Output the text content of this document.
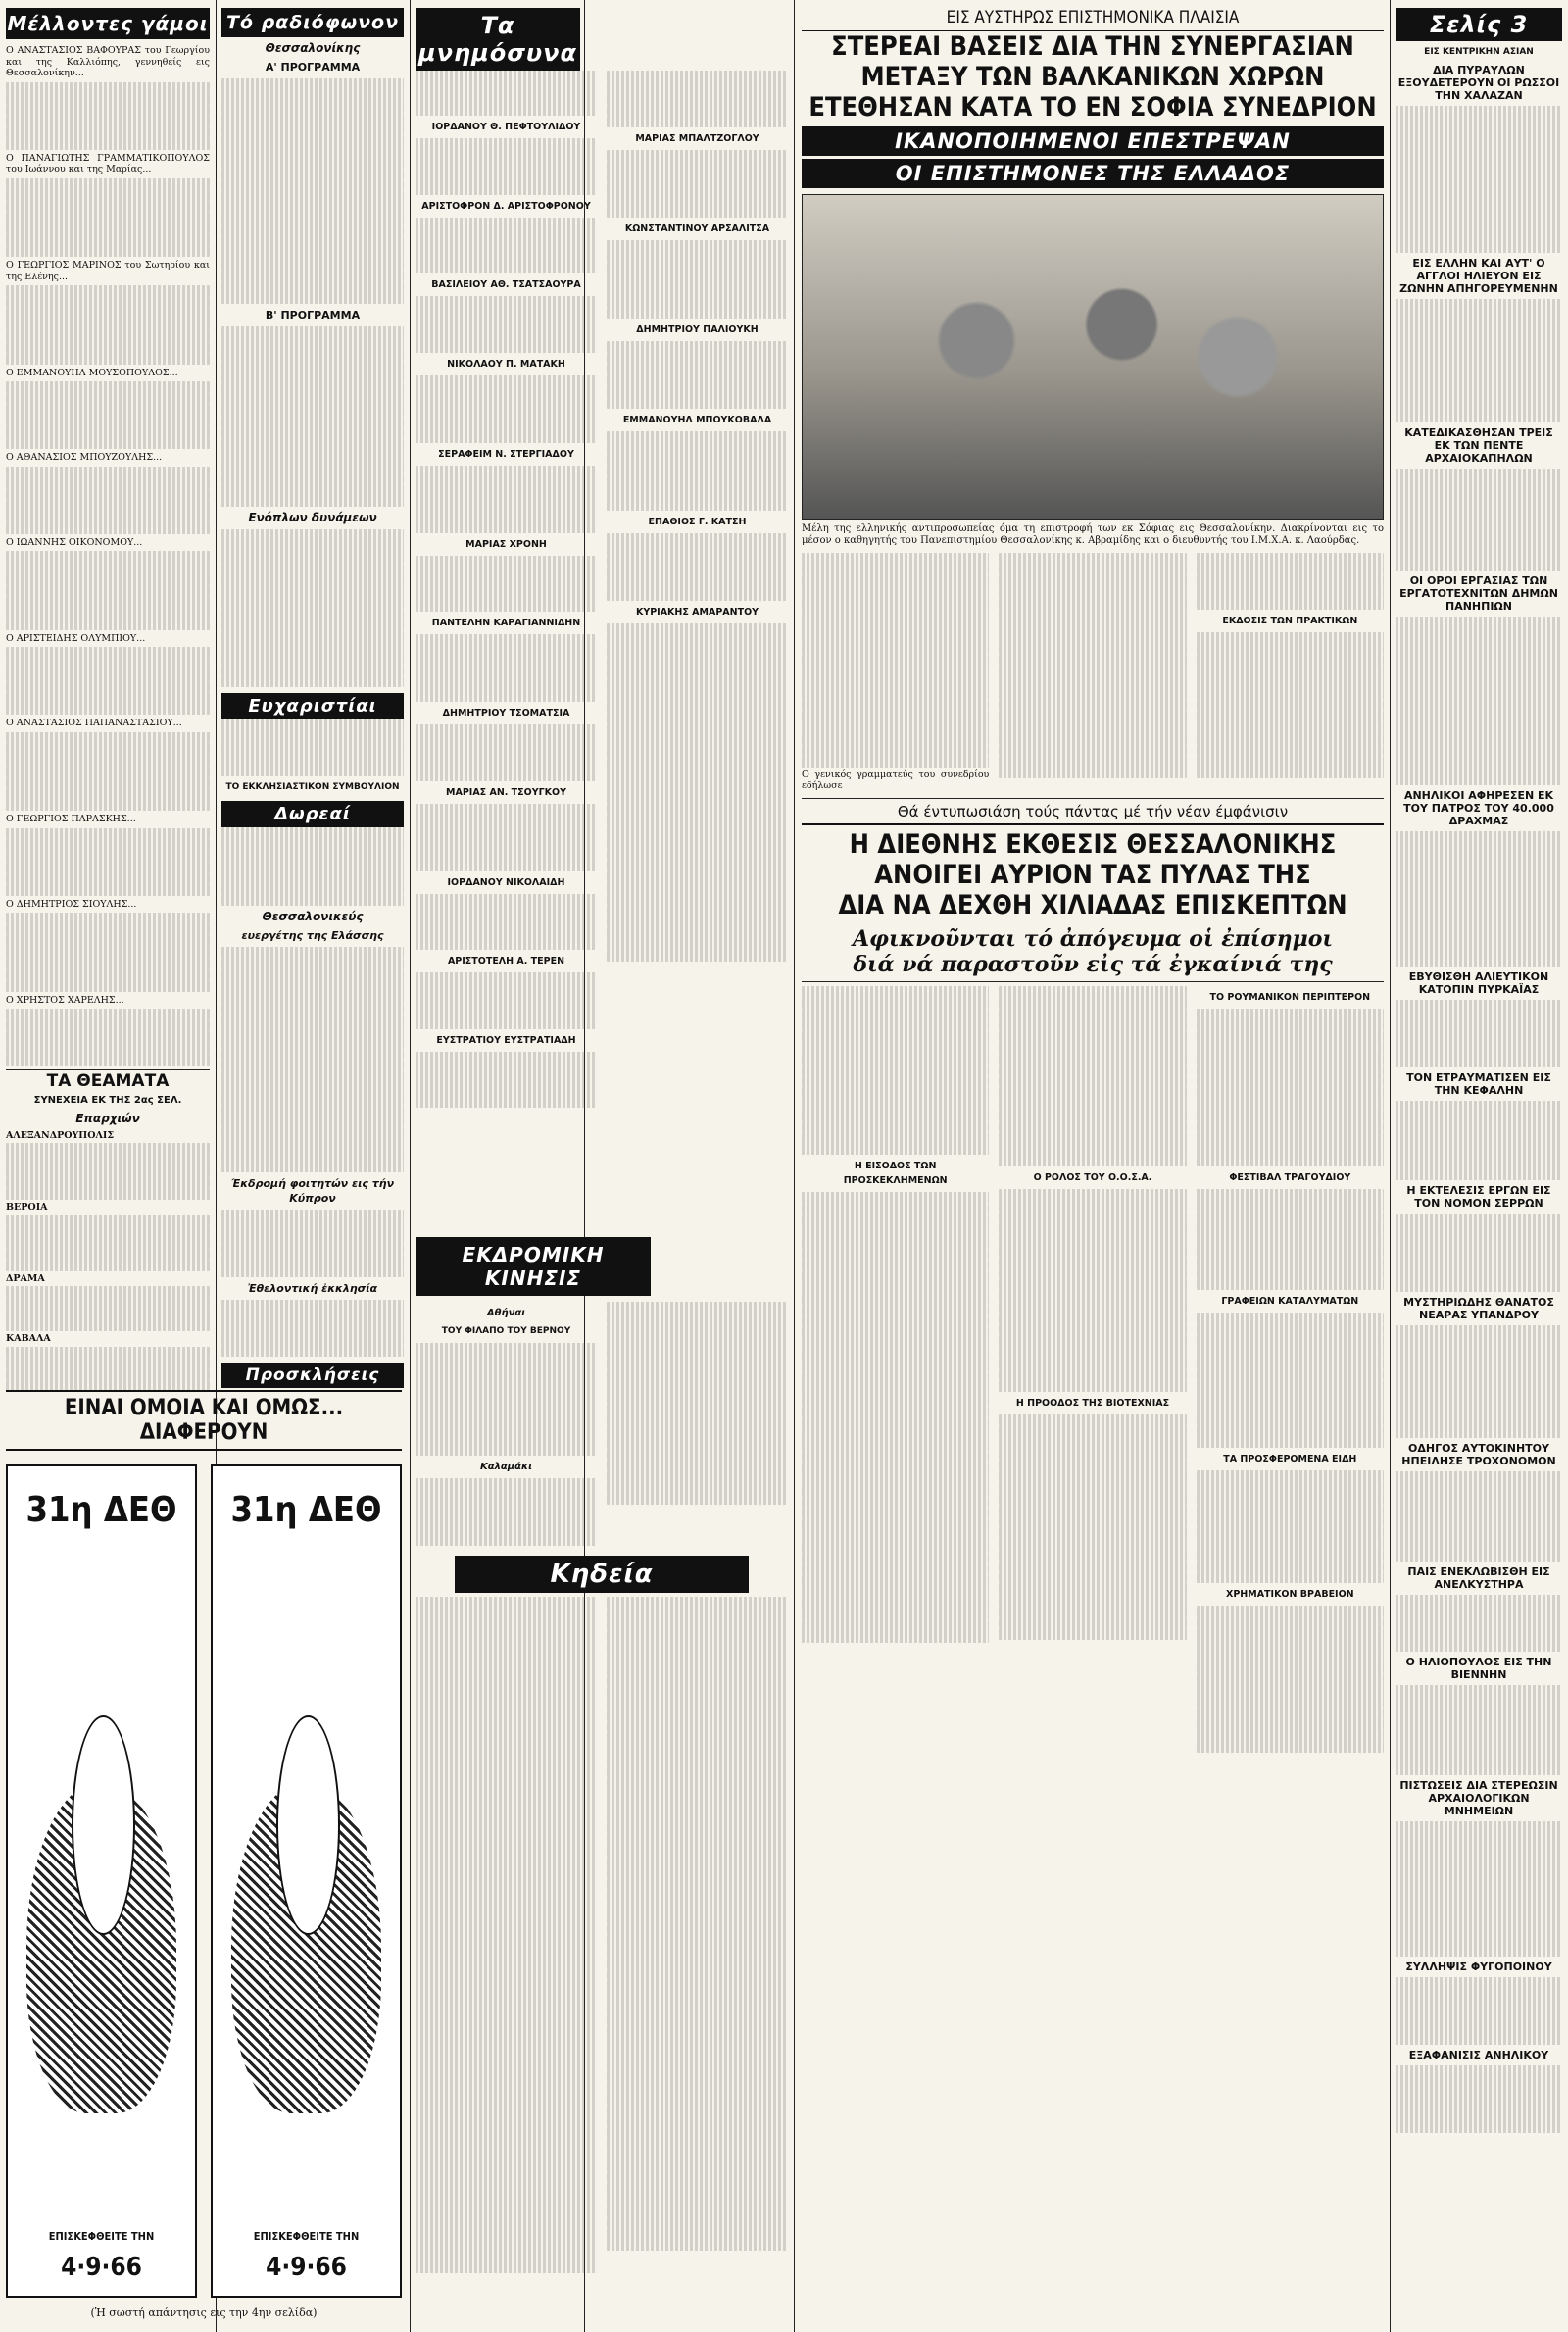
Μέλλοντες γάμοι

Ο ΑΝΑΣΤΑΣΙΟΣ ΒΑΦΟΥΡΑΣ του Γεωργίου και της Καλλιόπης, γεννηθείς εις Θεσσαλονίκην...

Ο ΠΑΝΑΓΙΩΤΗΣ ΓΡΑΜΜΑΤΙΚΟΠΟΥΛΟΣ του Ιωάννου και της Μαρίας...

Ο ΓΕΩΡΓΙΟΣ ΜΑΡΙΝΟΣ του Σωτηρίου και της Ελένης...

Ο ΕΜΜΑΝΟΥΗΛ ΜΟΥΣΟΠΟΥΛΟΣ...

Ο ΑΘΑΝΑΣΙΟΣ ΜΠΟΥΖΟΥΛΗΣ...

Ο ΙΩΑΝΝΗΣ ΟΙΚΟΝΟΜΟΥ...

Ο ΑΡΙΣΤΕΙΔΗΣ ΟΛΥΜΠΙΟΥ...

Ο ΑΝΑΣΤΑΣΙΟΣ ΠΑΠΑΝΑΣΤΑΣΙΟΥ...

Ο ΓΕΩΡΓΙΟΣ ΠΑΡΑΣΚΗΣ...

Ο ΔΗΜΗΤΡΙΟΣ ΣΙΟΥΛΗΣ...

Ο ΧΡΗΣΤΟΣ ΧΑΡΕΛΗΣ...

ΤΑ ΘΕΑΜΑΤΑ
ΣΥΝΕΧΕΙΑ ΕΚ ΤΗΣ 2ας ΣΕΛ.
Επαρχιών

ΑΛΕΞΑΝΔΡΟΥΠΟΛΙΣ

ΒΕΡΟΙΑ

ΔΡΑΜΑ

ΚΑΒΑΛΑ

Τό ραδιόφωνον
Θεσσαλονίκης
Α' ΠΡΟΓΡΑΜΜΑ
Β' ΠΡΟΓΡΑΜΜΑ
Ενόπλων δυνάμεων
Ευχαριστίαι
ΤΟ ΕΚΚΛΗΣΙΑΣΤΙΚΟΝ ΣΥΜΒΟΥΛΙΟΝ
Δωρεαί
Θεσσαλονικεύς
ευεργέτης της Ελάσσης
Έκδρομή φοιτητών εις τήν Κύπρον
Ἐθελοντική ἐκκλησία
Προσκλήσεις
ΕΙΝΑΙ ΟΜΟΙΑ ΚΑΙ ΟΜΩΣ... ΔΙΑΦΕΡΟΥΝ
31η ΔΕΘ
ΕΠΙΣΚΕΦΘΕΙΤΕ ΤΗΝ
4·9·66
31η ΔΕΘ
ΕΠΙΣΚΕΦΘΕΙΤΕ ΤΗΝ
4·9·66
(Ἡ σωστή απάντησις εις την 4ην σελίδα)
Τα μνημόσυνα

ΙΟΡΔΑΝΟΥ Θ. ΠΕΦΤΟΥΛΙΔΟΥ

ΑΡΙΣΤΟΦΡΟΝ Δ. ΑΡΙΣΤΟΦΡΟΝΟΥ

ΒΑΣΙΛΕΙΟΥ ΑΘ. ΤΣΑΤΣΑΟΥΡΑ

ΝΙΚΟΛΑΟΥ Π. ΜΑΤΑΚΗ

ΣΕΡΑΦΕΙΜ Ν. ΣΤΕΡΓΙΑΔΟΥ

ΜΑΡΙΑΣ ΧΡΟΝΗ

ΠΑΝΤΕΛΗΝ ΚΑΡΑΓΙΑΝΝΙΔΗΝ

ΔΗΜΗΤΡΙΟΥ ΤΣΟΜΑΤΣΙΑ

ΜΑΡΙΑΣ ΑΝ. ΤΣΟΥΓΚΟΥ

ΙΟΡΔΑΝΟΥ ΝΙΚΟΛΑΙΔΗ

ΑΡΙΣΤΟΤΕΛΗ Α. ΤΕΡΕΝ

ΕΥΣΤΡΑΤΙΟΥ ΕΥΣΤΡΑΤΙΑΔΗ

ΜΑΡΙΑΣ ΜΠΑΛΤΖΟΓΛΟΥ

ΚΩΝΣΤΑΝΤΙΝΟΥ ΑΡΣΑΛΙΤΣΑ

ΔΗΜΗΤΡΙΟΥ ΠΑΛΙΟΥΚΗ

ΕΜΜΑΝΟΥΗΛ ΜΠΟΥΚΟΒΑΛΑ

ΕΠΑΘΙΟΣ Γ. ΚΑΤΣΗ

ΚΥΡΙΑΚΗΣ ΑΜΑΡΑΝΤΟΥ

ΕΚΔΡΟΜΙΚΗ ΚΙΝΗΣΙΣ

Αθήναι

ΤΟΥ ΦΙΛΑΠΟ ΤΟΥ ΒΕΡΝΟΥ

Καλαμάκι

Κηδεία
ΕΙΣ ΑΥΣΤΗΡΩΣ ΕΠΙΣΤΗΜΟΝΙΚΑ ΠΛΑΙΣΙΑ
ΣΤΕΡΕΑΙ ΒΑΣΕΙΣ ΔΙΑ ΤΗΝ ΣΥΝΕΡΓΑΣΙΑΝ
ΜΕΤΑΞΥ ΤΩΝ ΒΑΛΚΑΝΙΚΩΝ ΧΩΡΩΝ
ΕΤΕΘΗΣΑΝ ΚΑΤΑ ΤΟ ΕΝ ΣΟΦΙΑ ΣΥΝΕΔΡΙΟΝ
ΙΚΑΝΟΠΟΙΗΜΕΝΟΙ ΕΠΕΣΤΡΕΨΑΝ
ΟΙ ΕΠΙΣΤΗΜΟΝΕΣ ΤΗΣ ΕΛΛΑΔΟΣ
Μέλη της ελληνικής αντιπροσωπείας όμα τη επιστροφή των εκ Σόφιας εις Θεσσαλονίκην. Διακρίνονται εις το μέσον ο καθηγητής του Πανεπιστημίου Θεσσαλονίκης κ. Αβραμίδης και ο διευθυντής του Ι.Μ.Χ.Α. κ. Λαούρδας.

Ο γενικός γραμματεύς του συνεδρίου εδήλωσε

ΕΚΔΟΣΙΣ ΤΩΝ ΠΡΑΚΤΙΚΩΝ

Θά έντυπωσιάση τούς πάντας μέ τήν νέαν έμφάνισιν
Η ΔΙΕΘΝΗΣ ΕΚΘΕΣΙΣ ΘΕΣΣΑΛΟΝΙΚΗΣ
ΑΝΟΙΓΕΙ ΑΥΡΙΟΝ ΤΑΣ ΠΥΛΑΣ ΤΗΣ
ΔΙΑ ΝΑ ΔΕΧΘΗ ΧΙΛΙΑΔΑΣ ΕΠΙΣΚΕΠΤΩΝ
Αφικνοῦνται τό ἀπόγευμα οἱ ἐπίσημοι
διά νά παραστοῦν εἰς τά ἐγκαίνιά της

Η ΕΙΣΟΔΟΣ ΤΩΝ ΠΡΟΣΚΕΚΛΗΜΕΝΩΝ	Ο ΡΟΛΟΣ ΤΟΥ Ο.Ο.Σ.Α.

Η ΠΡΟΟΔΟΣ ΤΗΣ ΒΙΟΤΕΧΝΙΑΣ

ΤΟ ΡΟΥΜΑΝΙΚΟΝ ΠΕΡΙΠΤΕΡΟΝ

ΦΕΣΤΙΒΑΛ ΤΡΑΓΟΥΔΙΟΥ

ΓΡΑΦΕΙΩΝ ΚΑΤΑΛΥΜΑΤΩΝ

ΤΑ ΠΡΟΣΦΕΡΟΜΕΝΑ ΕΙΔΗ

ΧΡΗΜΑΤΙΚΟΝ ΒΡΑΒΕΙΟΝ

Σελίς 3
ΕΙΣ ΚΕΝΤΡΙΚΗΝ ΑΣΙΑΝ
ΔΙΑ ΠΥΡΑΥΛΩΝ ΕΞΟΥΔΕΤΕΡΟΥΝ ΟΙ ΡΩΣΣΟΙ ΤΗΝ ΧΑΛΑΖΑΝ
ΕΙΣ ΕΛΛΗΝ ΚΑΙ ΑΥΤ' Ο ΑΓΓΛΟΙ ΗΛΙΕΥΟΝ ΕΙΣ ΖΩΝΗΝ ΑΠΗΓΟΡΕΥΜΕΝΗΝ
ΚΑΤΕΔΙΚΑΣΘΗΣΑΝ ΤΡΕΙΣ ΕΚ ΤΩΝ ΠΕΝΤΕ ΑΡΧΑΙΟΚΑΠΗΛΩΝ
ΟΙ ΟΡΟΙ ΕΡΓΑΣΙΑΣ ΤΩΝ ΕΡΓΑΤΟΤΕΧΝΙΤΩΝ ΔΗΜΩΝ ΠΑΝΗΠΙΩΝ
ΑΝΗΛΙΚΟΙ ΑΦΗΡΕΣΕΝ ΕΚ ΤΟΥ ΠΑΤΡΟΣ ΤΟΥ 40.000 ΔΡΑΧΜΑΣ
ΕΒΥΘΙΣΘΗ ΑΛΙΕΥΤΙΚΟΝ ΚΑΤΟΠΙΝ ΠΥΡΚΑΪΑΣ
ΤΟΝ ΕΤΡΑΥΜΑΤΙΣΕΝ ΕΙΣ ΤΗΝ ΚΕΦΑΛΗΝ
Η ΕΚΤΕΛΕΣΙΣ ΕΡΓΩΝ ΕΙΣ ΤΟΝ ΝΟΜΟΝ ΣΕΡΡΩΝ
ΜΥΣΤΗΡΙΩΔΗΣ ΘΑΝΑΤΟΣ ΝΕΑΡΑΣ ΥΠΑΝΔΡΟΥ
ΟΔΗΓΟΣ ΑΥΤΟΚΙΝΗΤΟΥ ΗΠΕΙΛΗΣΕ ΤΡΟΧΟΝΟΜΟΝ
ΠΑΙΣ ΕΝΕΚΛΩΒΙΣΘΗ ΕΙΣ ΑΝΕΛΚΥΣΤΗΡΑ
Ο ΗΛΙΟΠΟΥΛΟΣ ΕΙΣ ΤΗΝ ΒΙΕΝΝΗΝ
ΠΙΣΤΩΣΕΙΣ ΔΙΑ ΣΤΕΡΕΩΣΙΝ ΑΡΧΑΙΟΛΟΓΙΚΩΝ ΜΝΗΜΕΙΩΝ
ΣΥΛΛΗΨΙΣ ΦΥΓΟΠΟΙΝΟΥ
ΕΞΑΦΑΝΙΣΙΣ ΑΝΗΛΙΚΟΥ
